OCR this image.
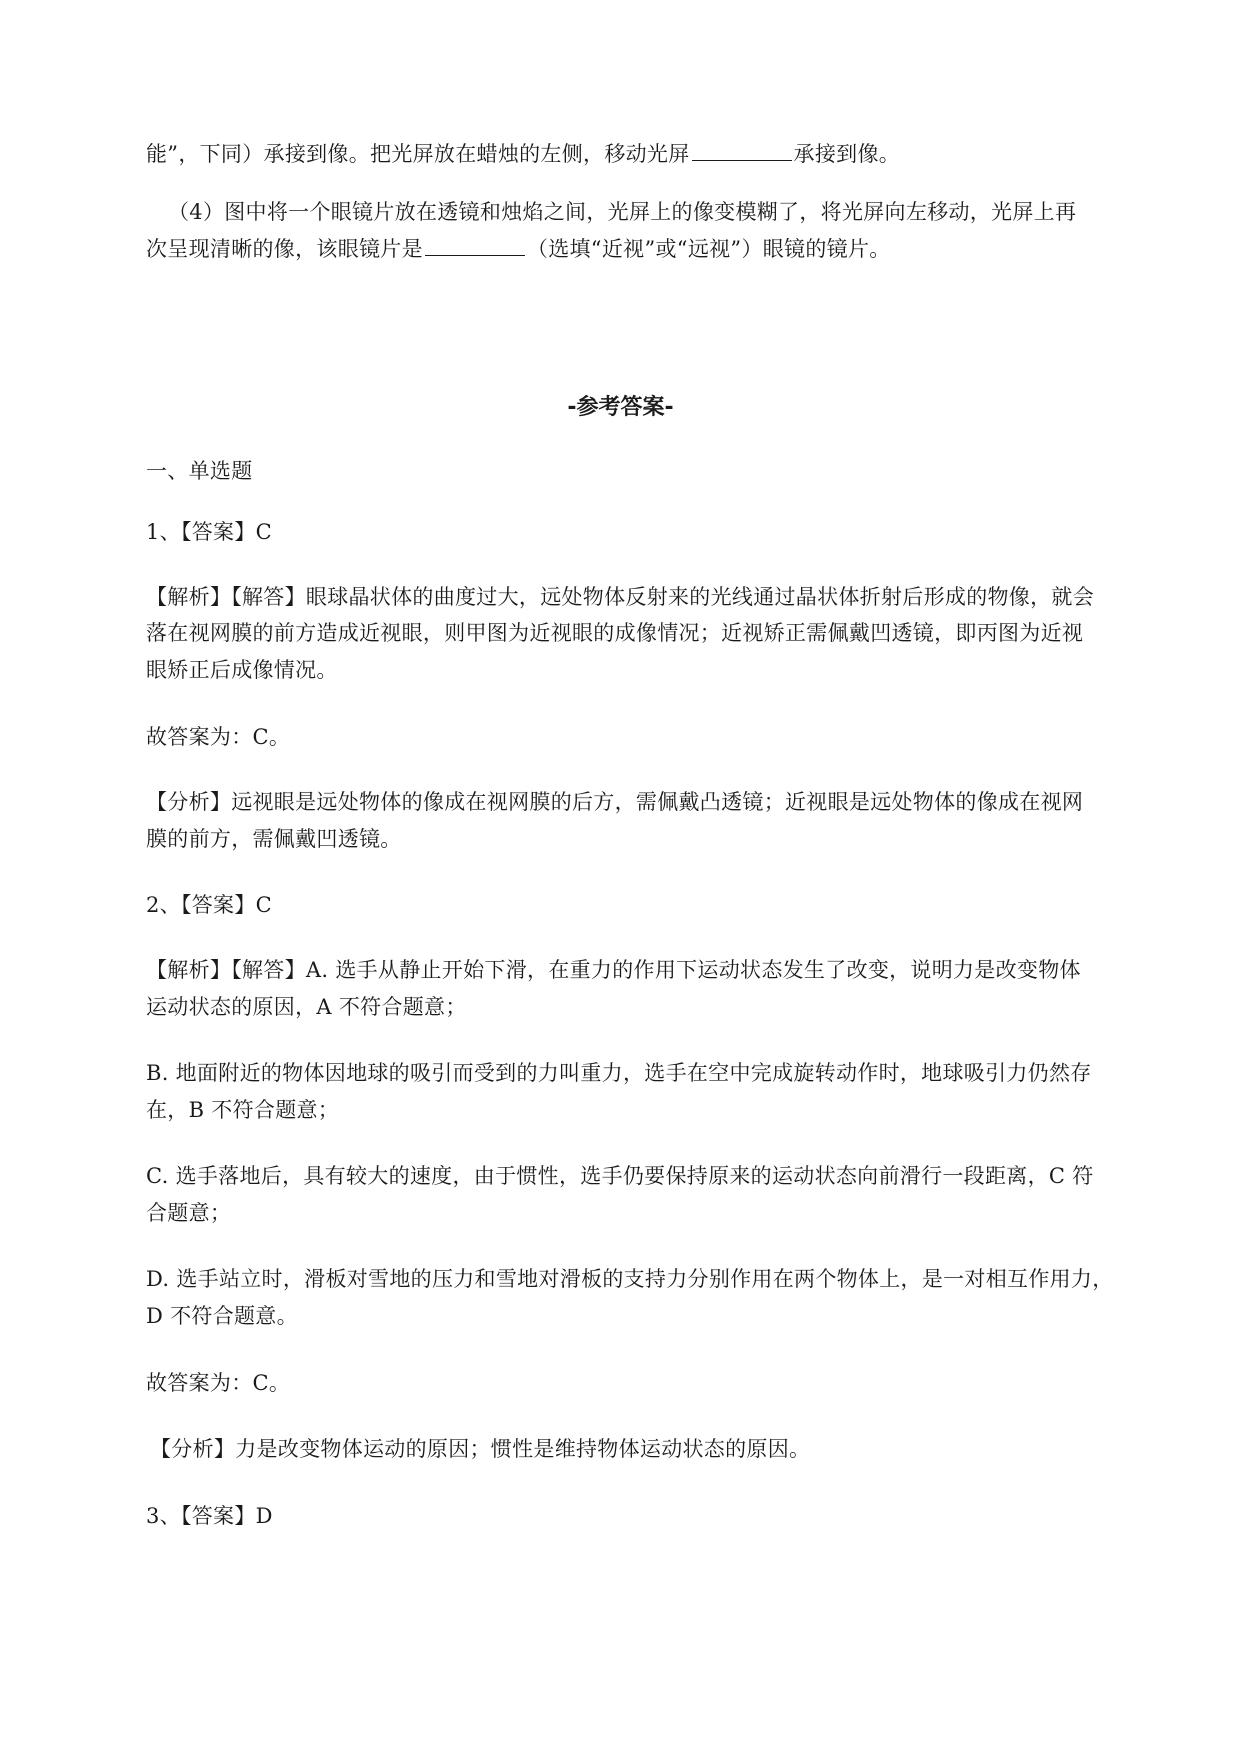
能”，下同）承接到像。把光屏放在蜡烛的左侧，移动光屏	承接到像。
（4）图中将一个眼镜片放在透镜和烛焰之间，光屏上的像变模糊了，将光屏向左移动，光屏上再
次呈现清晰的像，该眼镜片是	（选填“近视”或“远视”）眼镜的镜片。
-参考答案-
一、单选题
1、【答案】C
【解析】【解答】眼球晶状体的曲度过大，远处物体反射来的光线通过晶状体折射后形成的物像，就会
落在视网膜的前方造成近视眼，则甲图为近视眼的成像情况；近视矫正需佩戴凹透镜，即丙图为近视
眼矫正后成像情况。
故答案为：C。
【分析】远视眼是远处物体的像成在视网膜的后方，需佩戴凸透镜；近视眼是远处物体的像成在视网
膜的前方，需佩戴凹透镜。
2、【答案】C
【解析】【解答】A. 选手从静止开始下滑，在重力的作用下运动状态发生了改变，说明力是改变物体
运动状态的原因，A 不符合题意；
B. 地面附近的物体因地球的吸引而受到的力叫重力，选手在空中完成旋转动作时，地球吸引力仍然存
在，B 不符合题意；
C. 选手落地后，具有较大的速度，由于惯性，选手仍要保持原来的运动状态向前滑行一段距离，C 符
合题意；
D. 选手站立时，滑板对雪地的压力和雪地对滑板的支持力分别作用在两个物体上，是一对相互作用力，
D 不符合题意。
故答案为：C。
【分析】力是改变物体运动的原因；惯性是维持物体运动状态的原因。
3、【答案】D
